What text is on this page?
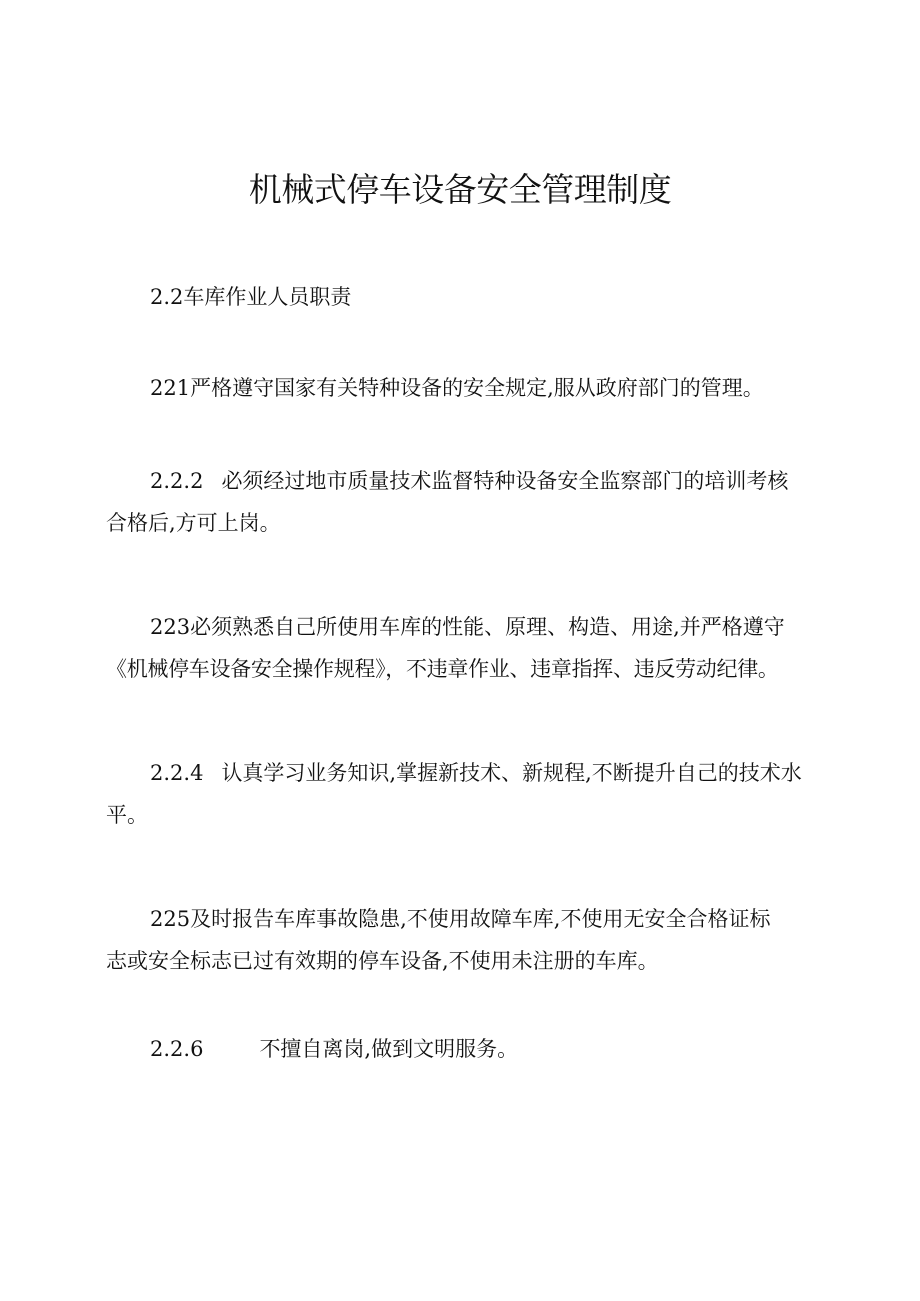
机械式停车设备安全管理制度
2.2车库作业人员职责
221严格遵守国家有关特种设备的安全规定,服从政府部门的管理。
2.2.2 必须经过地市质量技术监督特种设备安全监察部门的培训考核
合格后,方可上岗。
223必须熟悉自己所使用车库的性能、原理、构造、用途,并严格遵守
《机械停车设备安全操作规程》，不违章作业、违章指挥、违反劳动纪律。
2.2.4 认真学习业务知识,掌握新技术、新规程,不断提升自己的技术水
平。
225及时报告车库事故隐患,不使用故障车库,不使用无安全合格证标
志或安全标志已过有效期的停车设备,不使用未注册的车库。
2.2.6	不擅自离岗,做到文明服务。
